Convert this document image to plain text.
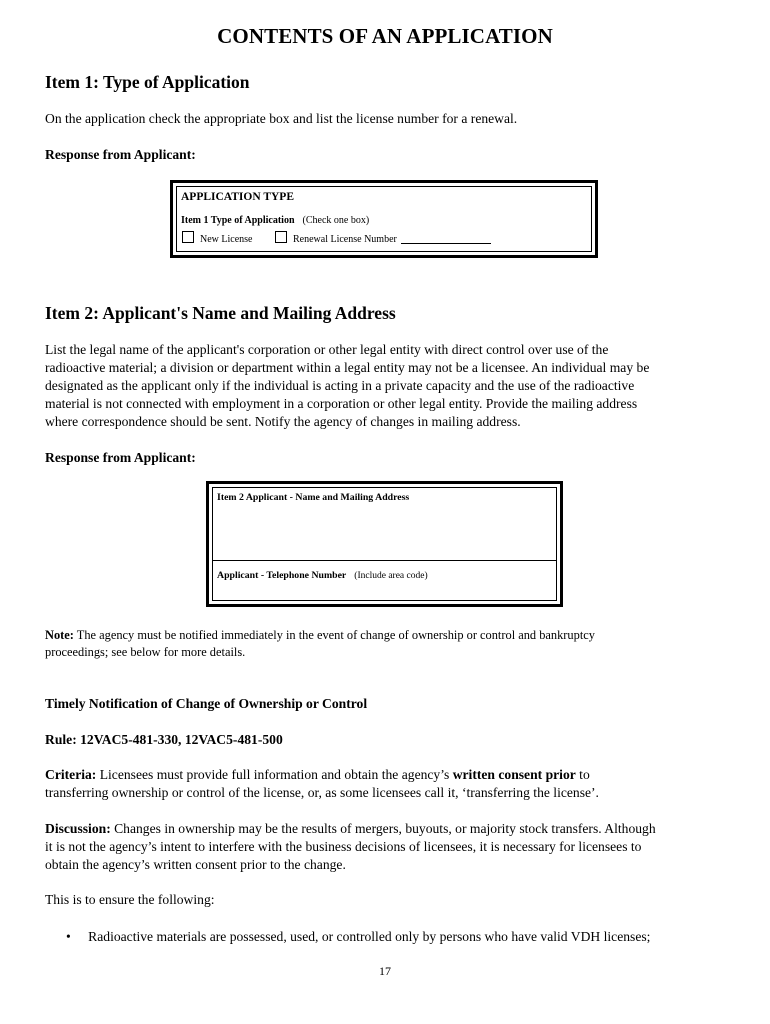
CONTENTS OF AN APPLICATION
Item 1: Type of Application
On the application check the appropriate box and list the license number for a renewal.
Response from Applicant:
APPLICATION TYPE
Item 1 Type of Application (Check one box)
New License	Renewal License Number
Item 2: Applicant's Name and Mailing Address
List the legal name of the applicant's corporation or other legal entity with direct control over use of the
radioactive material; a division or department within a legal entity may not be a licensee. An individual may be
designated as the applicant only if the individual is acting in a private capacity and the use of the radioactive
material is not connected with employment in a corporation or other legal entity. Provide the mailing address
where correspondence should be sent. Notify the agency of changes in mailing address.
Response from Applicant:
Item 2 Applicant - Name and Mailing Address
Applicant - Telephone Number (Include area code)
Note: The agency must be notified immediately in the event of change of ownership or control and bankruptcy
proceedings; see below for more details.
Timely Notification of Change of Ownership or Control
Rule: 12VAC5-481-330, 12VAC5-481-500
Criteria: Licensees must provide full information and obtain the agency’s written consent prior to
transferring ownership or control of the license, or, as some licensees call it, ‘transferring the license’.
Discussion: Changes in ownership may be the results of mergers, buyouts, or majority stock transfers. Although
it is not the agency’s intent to interfere with the business decisions of licensees, it is necessary for licensees to
obtain the agency’s written consent prior to the change.
This is to ensure the following:
• Radioactive materials are possessed, used, or controlled only by persons who have valid VDH licenses;
17
